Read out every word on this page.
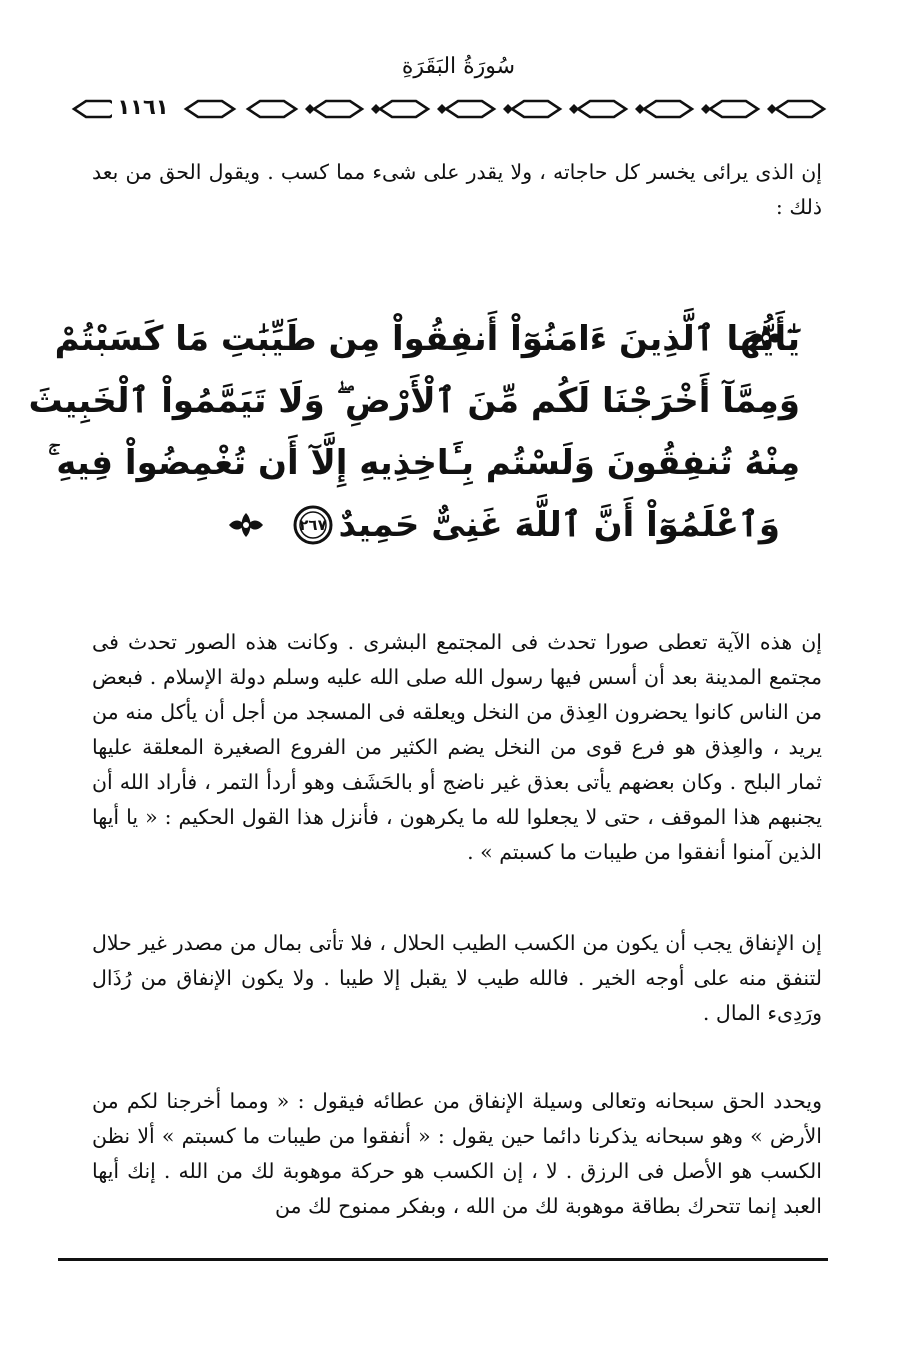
سُورَةُ البَقَرَةِ
١١٦١

إن الذى يرائى يخسر كل حاجاته ، ولا يقدر على شىء مما كسب . ويقول الحق من بعد ذلك :

يَٰٓأَيُّهَا ٱلَّذِينَ ءَامَنُوٓاْ أَنفِقُواْ مِن طَيِّبَٰتِ مَا كَسَبْتُمْ
وَمِمَّآ أَخْرَجْنَا لَكُم مِّنَ ٱلْأَرْضِ ۖ وَلَا تَيَمَّمُواْ ٱلْخَبِيثَ
مِنْهُ تُنفِقُونَ وَلَسْتُم بِـَٔاخِذِيهِ إِلَّآ أَن تُغْمِضُواْ فِيهِ ۚ
وَٱعْلَمُوٓاْ أَنَّ ٱللَّهَ غَنِىٌّ حَمِيدٌ
٢٦٧

إن هذه الآية تعطى صورا تحدث فى المجتمع البشرى . وكانت هذه الصور تحدث فى مجتمع المدينة بعد أن أسس فيها رسول الله صلى الله عليه وسلم دولة الإسلام . فبعض من الناس كانوا يحضرون العِذق من النخل ويعلقه فى المسجد من أجل أن يأكل منه من يريد ، والعِذق هو فرع قوى من النخل يضم الكثير من الفروع الصغيرة المعلقة عليها ثمار البلح . وكان بعضهم يأتى بعذق غير ناضج أو بالحَشَف وهو أردأ التمر ، فأراد الله أن يجنبهم هذا الموقف ، حتى لا يجعلوا لله ما يكرهون ، فأنزل هذا القول الحكيم : « يا أيها الذين آمنوا أنفقوا من طيبات ما كسبتم » .

إن الإنفاق يجب أن يكون من الكسب الطيب الحلال ، فلا تأتى بمال من مصدر غير حلال لتنفق منه على أوجه الخير . فالله طيب لا يقبل إلا طيبا . ولا يكون الإنفاق من رُذَال ورَدِىء المال .

ويحدد الحق سبحانه وتعالى وسيلة الإنفاق من عطائه فيقول : « ومما أخرجنا لكم من الأرض » وهو سبحانه يذكرنا دائما حين يقول : « أنفقوا من طيبات ما كسبتم » ألا نظن الكسب هو الأصل فى الرزق . لا ، إن الكسب هو حركة موهوبة لك من الله . إنك أيها العبد إنما تتحرك بطاقة موهوبة لك من الله ، وبفكر ممنوح لك من
